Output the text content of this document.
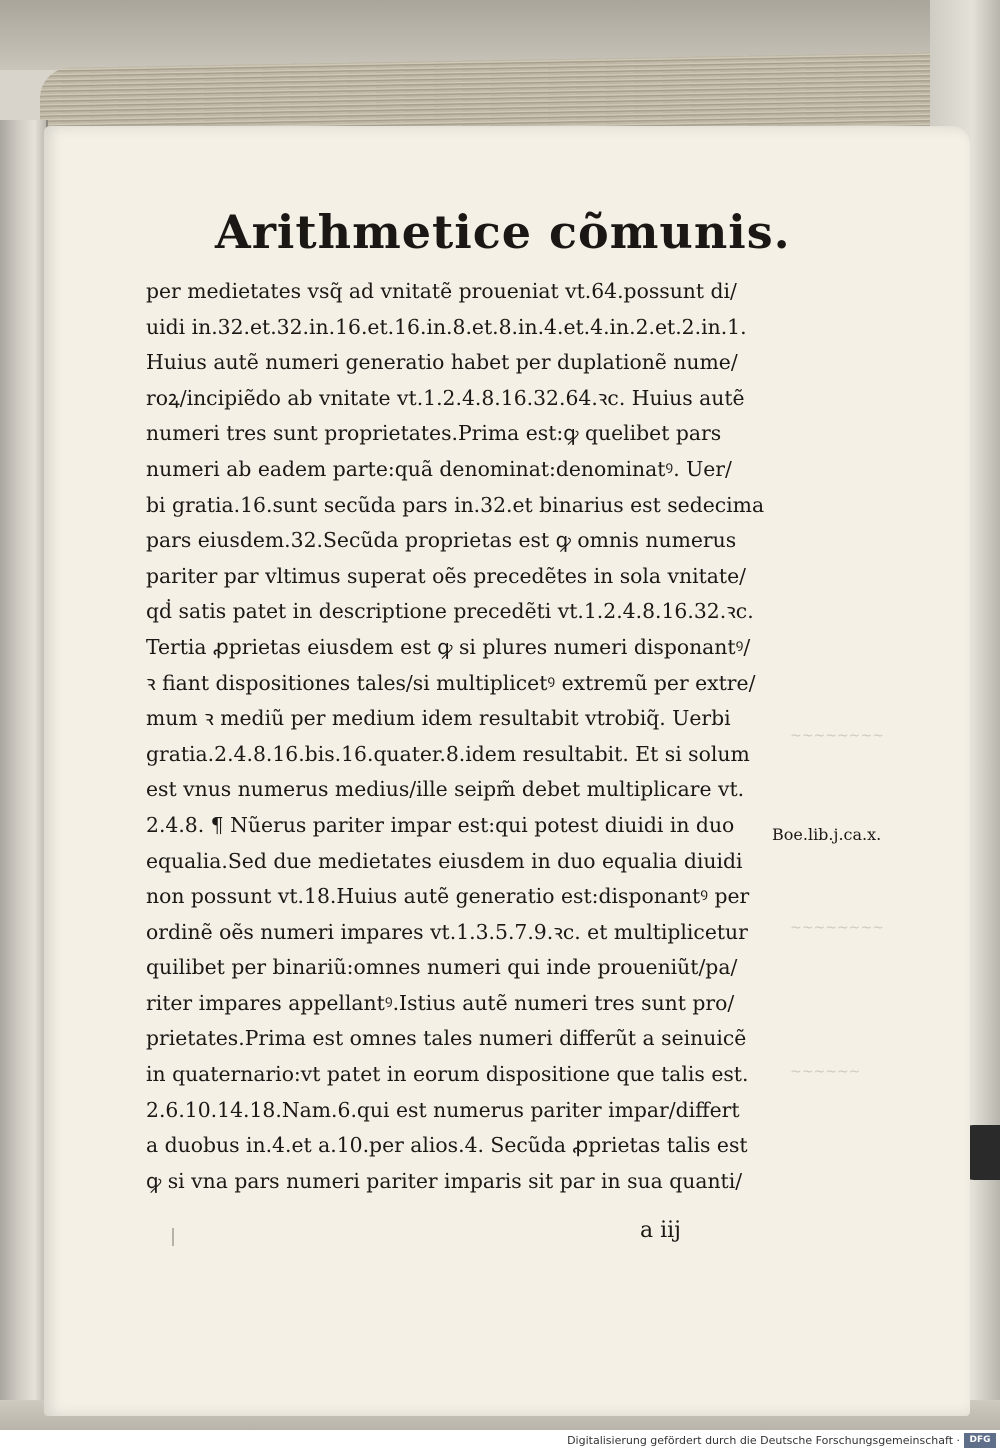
~~~~~~~~
~~~~~~~~
~~~~~~
Arithmetice cõmunis.
per medietates vsq̃ ad vnitatẽ proueniat vt.64.possunt di/
uidi in.32.et.32.in.16.et.16.in.8.et.8.in.4.et.4.in.2.et.2.in.1.
Huius autẽ numeri generatio habet per duplationẽ nume/
roꝝ/incipiẽdo ab vnitate vt.1.2.4.8.16.32.64.ꝛc. Huius autẽ
numeri tres sunt proprietates.Prima est:ꝙ quelibet pars
numeri ab eadem parte:quã denominat:denominatꝰ. Uer/
bi gratia.16.sunt secũda pars in.32.et binarius est sedecima
pars eiusdem.32.Secũda proprietas est ꝙ omnis numerus
pariter par vltimus superat oẽs precedẽtes in sola vnitate/
qḋ satis patet in descriptione precedẽti vt.1.2.4.8.16.32.ꝛc.
Tertia ꝓprietas eiusdem est ꝙ si plures numeri disponantꝰ/
ꝛ fiant dispositiones tales/si multiplicetꝰ extremũ per extre/
mum ꝛ mediũ per medium idem resultabit vtrobiq̃. Uerbi
gratia.2.4.8.16.bis.16.quater.8.idem resultabit. Et si solum
est vnus numerus medius/ille seipm̃ debet multiplicare vt.
2.4.8. ¶ Nũerus pariter impar est:qui potest diuidi in duo
equalia.Sed due medietates eiusdem in duo equalia diuidi
non possunt vt.18.Huius autẽ generatio est:disponantꝰ per
ordinẽ oẽs numeri impares vt.1.3.5.7.9.ꝛc. et multiplicetur
quilibet per binariũ:omnes numeri qui inde proueniũt/pa/
riter impares appellantꝰ.Istius autẽ numeri tres sunt pro/
prietates.Prima est omnes tales numeri differũt a seinuicẽ
in quaternario:vt patet in eorum dispositione que talis est.
2.6.10.14.18.Nam.6.qui est numerus pariter impar/differt
a duobus in.4.et a.10.per alios.4. Secũda ꝓprietas talis est
ꝙ si vna pars numeri pariter imparis sit par in sua quanti/
Boe.lib.j.ca.x.
a iij
Digitalisierung gefördert durch die Deutsche Forschungsgemeinschaft ·	DFG
